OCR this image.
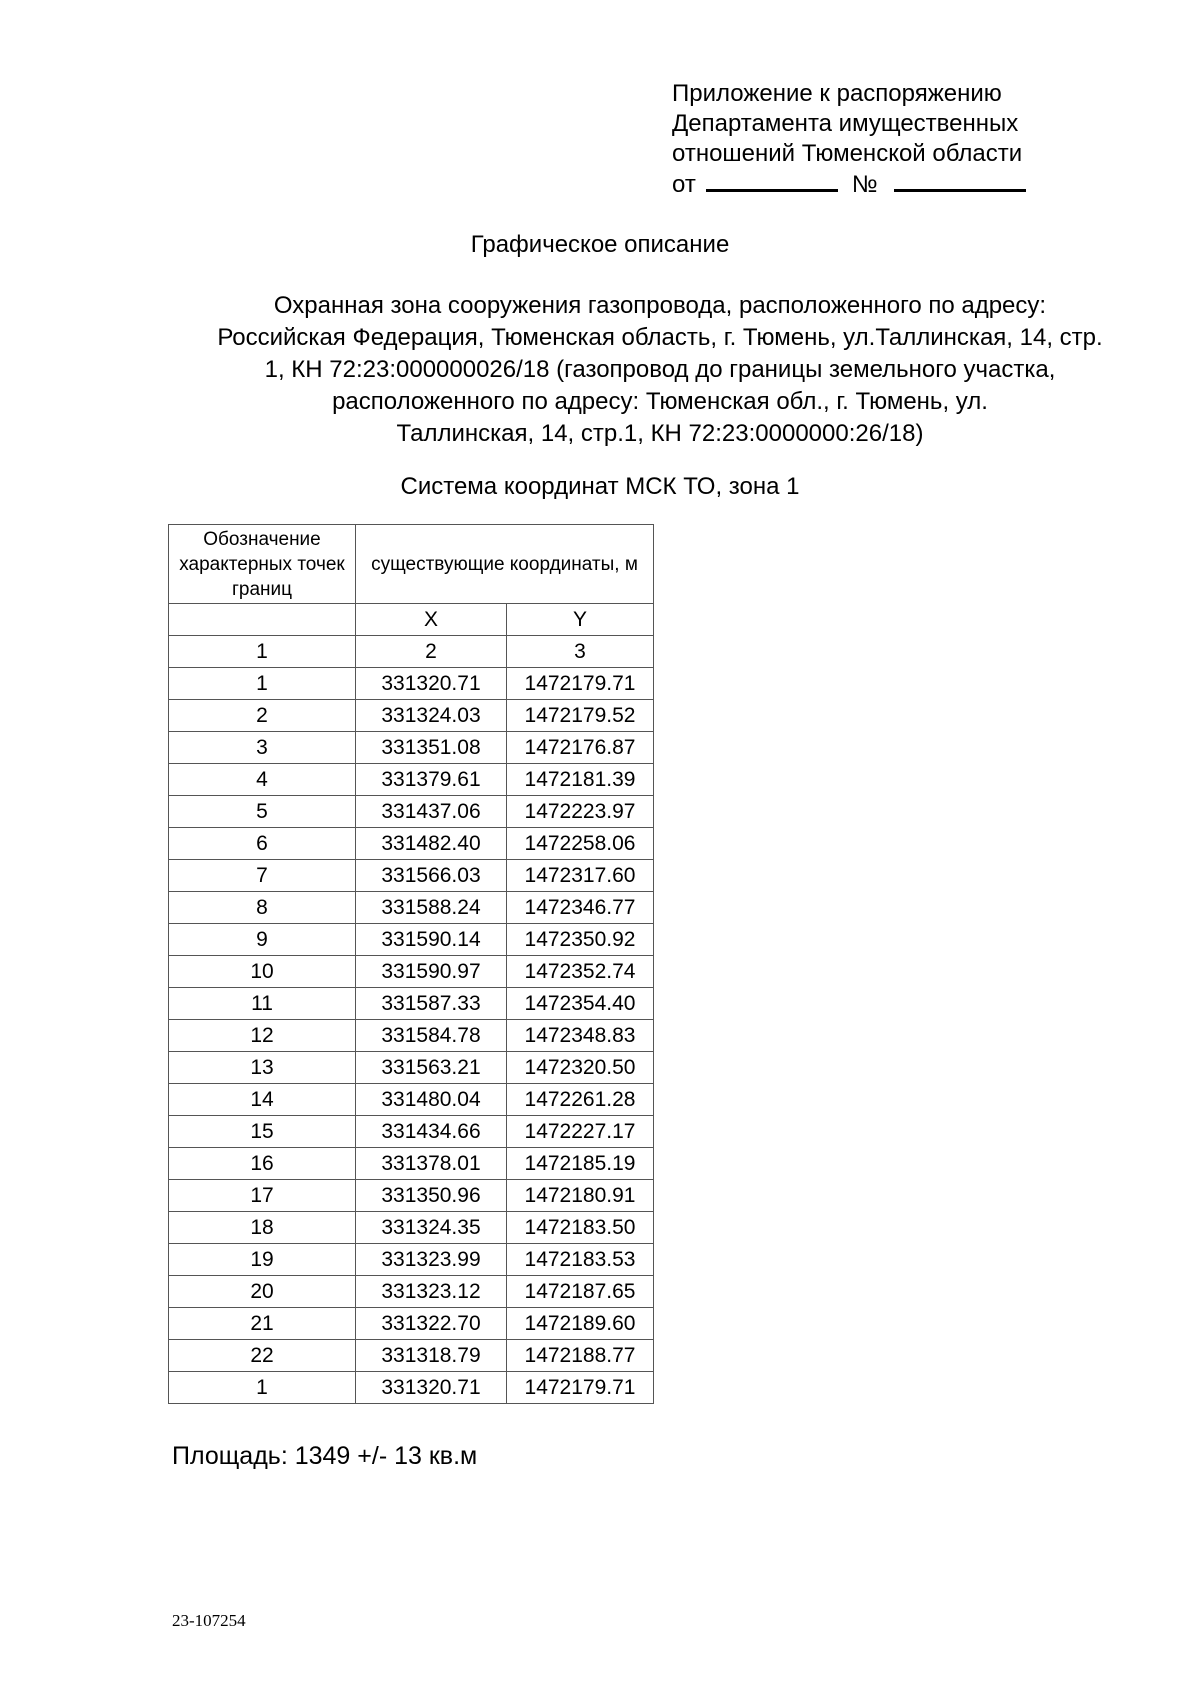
Приложение к распоряжению
Департамента имущественных
отношений Тюменской области
от	№
Графическое описание
Охранная зона сооружения газопровода, расположенного по адресу:
Российская Федерация, Тюменская область, г. Тюмень, ул.Таллинская, 14, стр.
1, КН 72:23:000000026/18 (газопровод до границы земельного участка,
расположенного по адресу: Тюменская обл., г. Тюмень, ул.
Таллинская, 14, стр.1, КН 72:23:0000000:26/18)
Система координат МСК ТО, зона 1
Обозначение характерных точек границ	существующие координаты, м	
	X	Y
1	2	3
1	331320.71	1472179.71
2	331324.03	1472179.52
3	331351.08	1472176.87
4	331379.61	1472181.39
5	331437.06	1472223.97
6	331482.40	1472258.06
7	331566.03	1472317.60
8	331588.24	1472346.77
9	331590.14	1472350.92
10	331590.97	1472352.74
11	331587.33	1472354.40
12	331584.78	1472348.83
13	331563.21	1472320.50
14	331480.04	1472261.28
15	331434.66	1472227.17
16	331378.01	1472185.19
17	331350.96	1472180.91
18	331324.35	1472183.50
19	331323.99	1472183.53
20	331323.12	1472187.65
21	331322.70	1472189.60
22	331318.79	1472188.77
1	331320.71	1472179.71
Площадь: 1349 +/- 13 кв.м
23-107254
